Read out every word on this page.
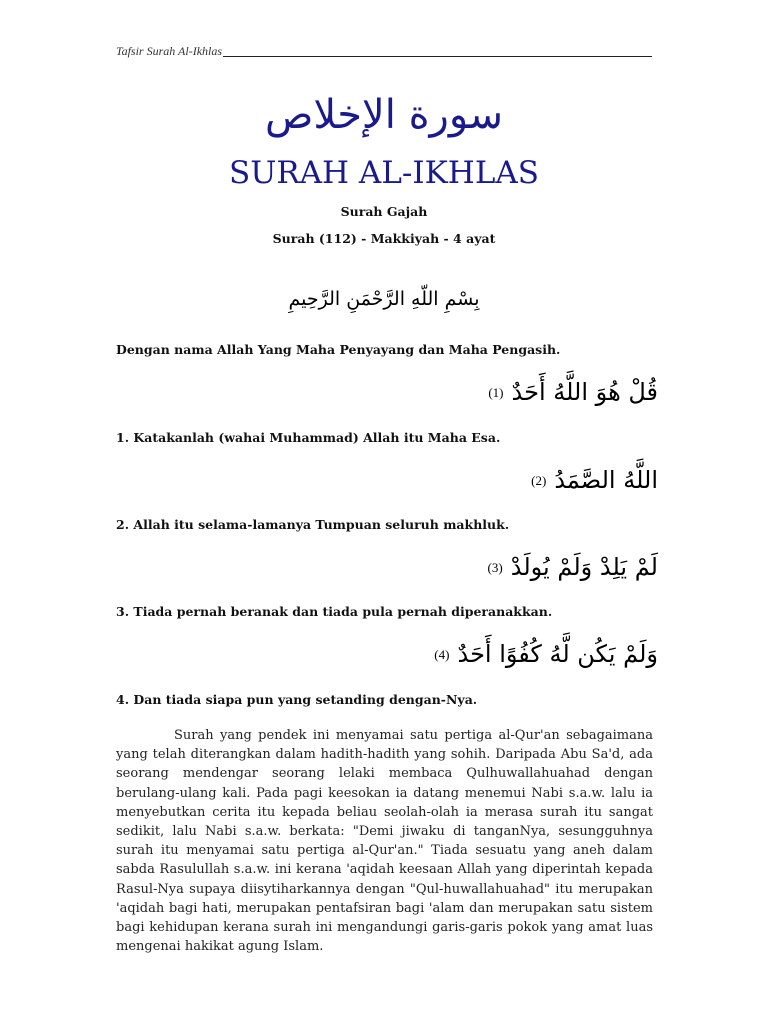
Tafsir Surah Al-Ikhlas
سورة الإخلاص
SURAH AL-IKHLAS
Surah Gajah
Surah (112) - Makkiyah - 4 ayat
بِسْمِ اللّهِ الرَّحْمَنِ الرَّحِيمِ
Dengan nama Allah Yang Maha Penyayang dan Maha Pengasih.
قُلْ هُوَ اللَّهُ أَحَدٌ(1)
1. Katakanlah (wahai Muhammad) Allah itu Maha Esa.
اللَّهُ الصَّمَدُ(2)
2. Allah itu selama-lamanya Tumpuan seluruh makhluk.
لَمْ يَلِدْ وَلَمْ يُولَدْ(3)
3. Tiada pernah beranak dan tiada pula pernah diperanakkan.
وَلَمْ يَكُن لَّهُ كُفُوًا أَحَدٌ(4)
4. Dan tiada siapa pun yang setanding dengan-Nya.

Surah yang pendek ini menyamai satu pertiga al-Qur'an sebagaimana yang telah diterangkan dalam hadith-hadith yang sohih. Daripada Abu Sa'd, ada seorang mendengar seorang lelaki membaca Qulhuwallahuahad dengan berulang-ulang kali. Pada pagi keesokan ia datang menemui Nabi s.a.w. lalu ia menyebutkan cerita itu kepada beliau seolah-olah ia merasa surah itu sangat sedikit, lalu Nabi s.a.w. berkata: "Demi jiwaku di tanganNya, sesungguhnya surah itu menyamai satu pertiga al-Qur'an." Tiada sesuatu yang aneh dalam sabda Rasulullah s.a.w. ini kerana 'aqidah keesaan Allah yang diperintah kepada Rasul-Nya supaya diisytiharkannya dengan "Qul-huwallahuahad" itu merupakan 'aqidah bagi hati, merupakan pentafsiran bagi 'alam dan merupakan satu sistem bagi kehidupan kerana surah ini mengandungi garis-garis pokok yang amat luas mengenai hakikat agung Islam.
